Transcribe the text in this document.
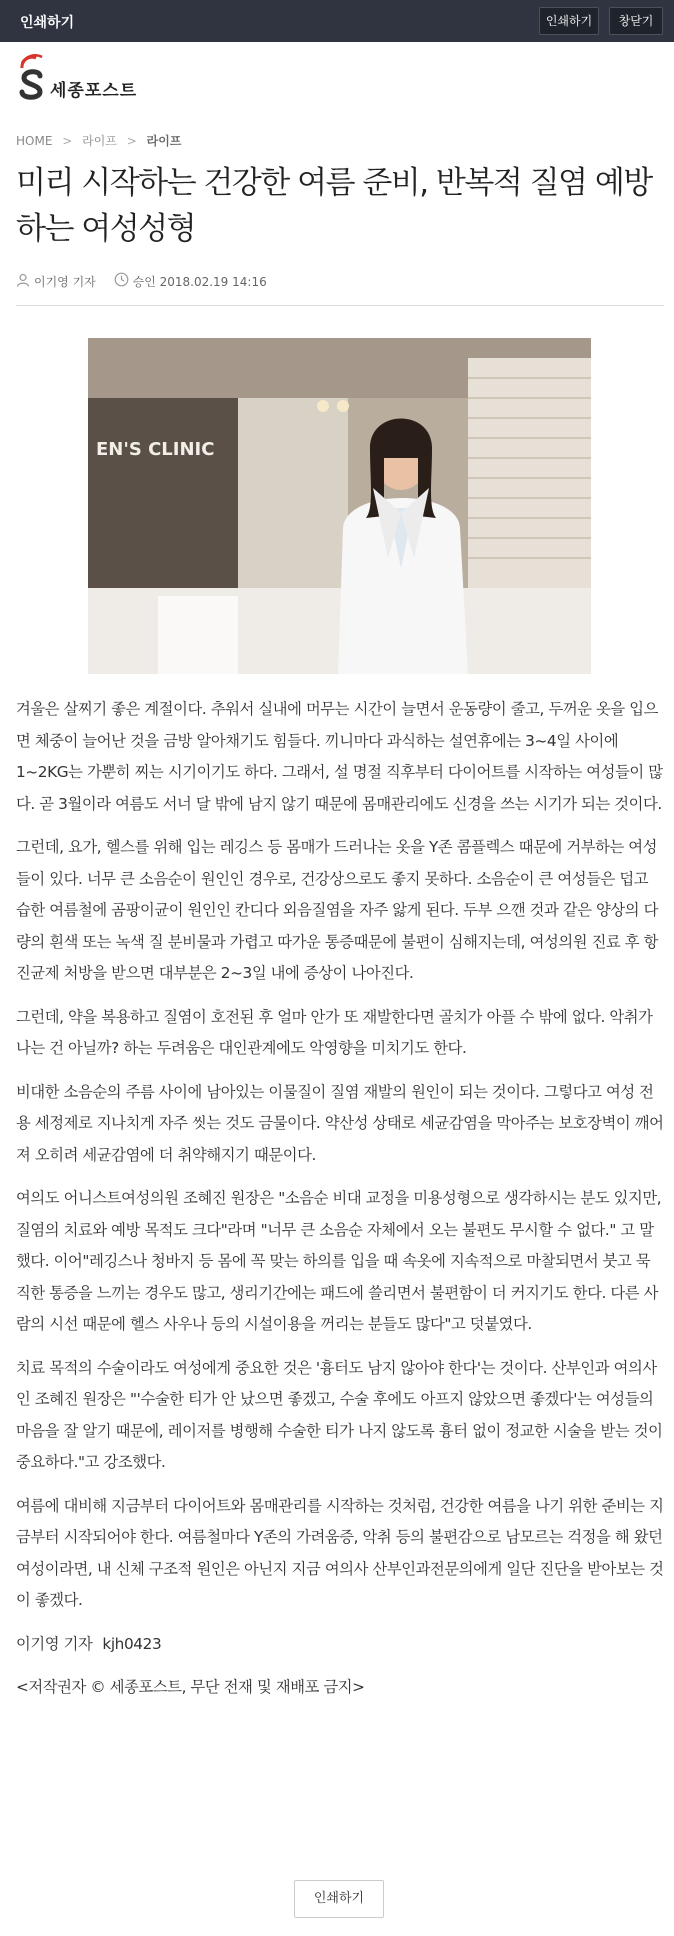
인쇄하기	인쇄하기	창닫기
세종포스트
HOME > 라이프 > 라이프
미리 시작하는 건강한 여름 준비, 반복적 질염 예방하는 여성성형
이기영 기자	승인 2018.02.19 14:16
EN'S CLINIC

겨울은 살찌기 좋은 계절이다. 추워서 실내에 머무는 시간이 늘면서 운동량이 줄고, 두꺼운 옷을 입으면 체중이 늘어난 것을 금방 알아채기도 힘들다. 끼니마다 과식하는 설연휴에는 3~4일 사이에 1~2KG는 가뿐히 찌는 시기이기도 하다. 그래서, 설 명절 직후부터 다이어트를 시작하는 여성들이 많다. 곧 3월이라 여름도 서너 달 밖에 남지 않기 때문에 몸매관리에도 신경을 쓰는 시기가 되는 것이다.

그런데, 요가, 헬스를 위해 입는 레깅스 등 몸매가 드러나는 옷을 Y존 콤플렉스 때문에 거부하는 여성들이 있다. 너무 큰 소음순이 원인인 경우로, 건강상으로도 좋지 못하다. 소음순이 큰 여성들은 덥고 습한 여름철에 곰팡이균이 원인인 칸디다 외음질염을 자주 앓게 된다. 두부 으깬 것과 같은 양상의 다량의 흰색 또는 녹색 질 분비물과 가렵고 따가운 통증때문에 불편이 심해지는데, 여성의원 진료 후 항진균제 처방을 받으면 대부분은 2~3일 내에 증상이 나아진다.

그런데, 약을 복용하고 질염이 호전된 후 얼마 안가 또 재발한다면 골치가 아플 수 밖에 없다. 악취가 나는 건 아닐까? 하는 두려움은 대인관계에도 악영향을 미치기도 한다.

비대한 소음순의 주름 사이에 남아있는 이물질이 질염 재발의 원인이 되는 것이다. 그렇다고 여성 전용 세정제로 지나치게 자주 씻는 것도 금물이다. 약산성 상태로 세균감염을 막아주는 보호장벽이 깨어져 오히려 세균감염에 더 취약해지기 때문이다.

여의도 어니스트여성의원 조혜진 원장은 "소음순 비대 교정을 미용성형으로 생각하시는 분도 있지만, 질염의 치료와 예방 목적도 크다"라며 "너무 큰 소음순 자체에서 오는 불편도 무시할 수 없다." 고 말했다. 이어"레깅스나 청바지 등 몸에 꼭 맞는 하의를 입을 때 속옷에 지속적으로 마찰되면서 붓고 묵직한 통증을 느끼는 경우도 많고, 생리기간에는 패드에 쓸리면서 불편함이 더 커지기도 한다. 다른 사람의 시선 때문에 헬스 사우나 등의 시설이용을 꺼리는 분들도 많다"고 덧붙였다.

치료 목적의 수술이라도 여성에게 중요한 것은 '흉터도 남지 않아야 한다'는 것이다. 산부인과 여의사인 조혜진 원장은 "'수술한 티가 안 났으면 좋겠고, 수술 후에도 아프지 않았으면 좋겠다'는 여성들의 마음을 잘 알기 때문에, 레이저를 병행해 수술한 티가 나지 않도록 흉터 없이 정교한 시술을 받는 것이 중요하다."고 강조했다.

여름에 대비해 지금부터 다이어트와 몸매관리를 시작하는 것처럼, 건강한 여름을 나기 위한 준비는 지금부터 시작되어야 한다. 여름철마다 Y존의 가려움증, 악취 등의 불편감으로 남모르는 걱정을 해 왔던 여성이라면, 내 신체 구조적 원인은 아닌지 지금 여의사 산부인과전문의에게 일단 진단을 받아보는 것이 좋겠다.

이기영 기자 kjh0423

<저작권자 © 세종포스트, 무단 전재 및 재배포 금지>

인쇄하기
